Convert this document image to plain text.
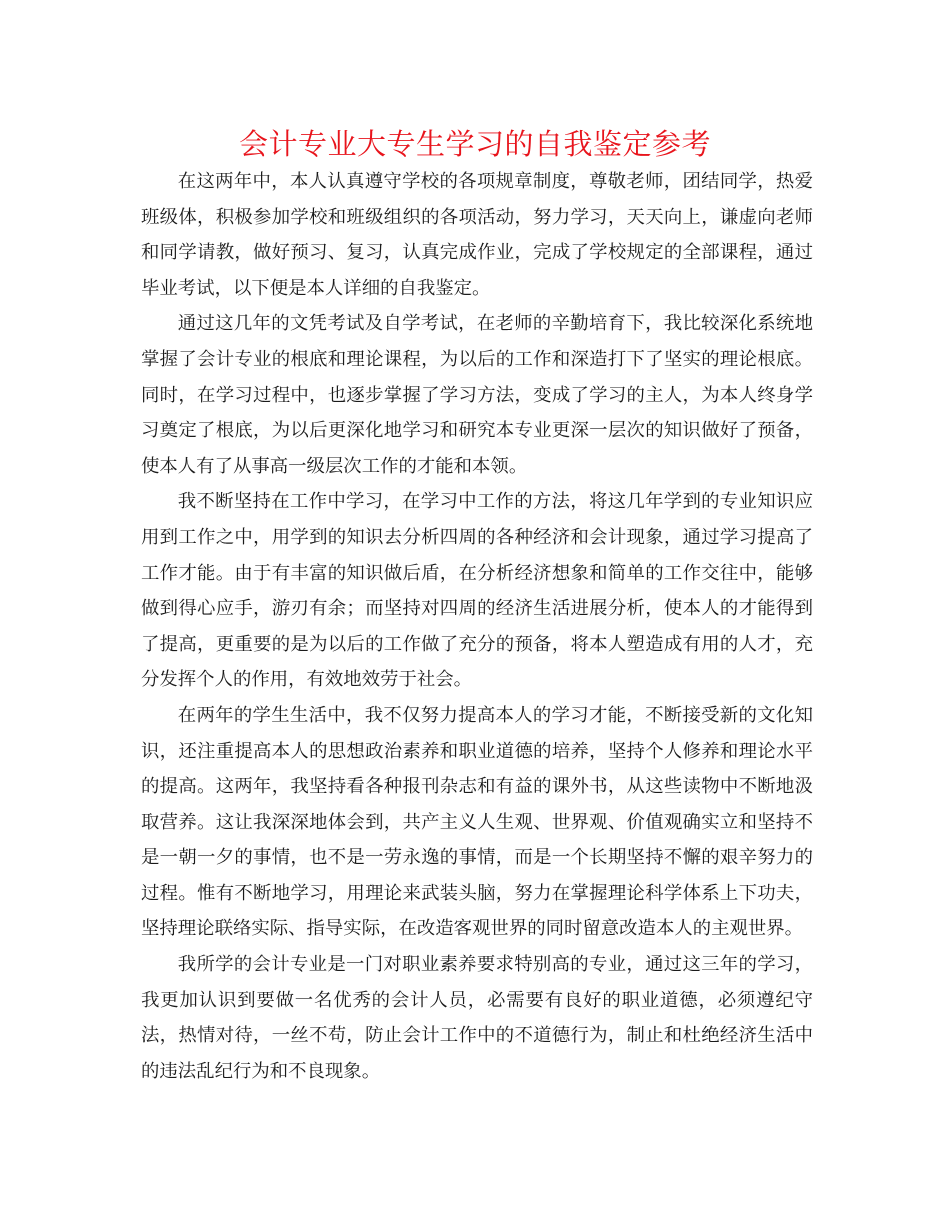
会计专业大专生学习的自我鉴定参考

在这两年中，本人认真遵守学校的各项规章制度，尊敬老师，团结同学，热爱班级体，积极参加学校和班级组织的各项活动，努力学习，天天向上，谦虚向老师和同学请教，做好预习、复习，认真完成作业，完成了学校规定的全部课程，通过毕业考试，以下便是本人详细的自我鉴定。

通过这几年的文凭考试及自学考试，在老师的辛勤培育下，我比较深化系统地掌握了会计专业的根底和理论课程，为以后的工作和深造打下了坚实的理论根底。同时，在学习过程中，也逐步掌握了学习方法，变成了学习的主人，为本人终身学习奠定了根底，为以后更深化地学习和研究本专业更深一层次的知识做好了预备，使本人有了从事高一级层次工作的才能和本领。

我不断坚持在工作中学习，在学习中工作的方法，将这几年学到的专业知识应用到工作之中，用学到的知识去分析四周的各种经济和会计现象，通过学习提高了工作才能。由于有丰富的知识做后盾，在分析经济想象和简单的工作交往中，能够做到得心应手，游刃有余；而坚持对四周的经济生活进展分析，使本人的才能得到了提高，更重要的是为以后的工作做了充分的预备，将本人塑造成有用的人才，充分发挥个人的作用，有效地效劳于社会。

在两年的学生生活中，我不仅努力提高本人的学习才能，不断接受新的文化知识，还注重提高本人的思想政治素养和职业道德的培养，坚持个人修养和理论水平的提高。这两年，我坚持看各种报刊杂志和有益的课外书，从这些读物中不断地汲取营养。这让我深深地体会到，共产主义人生观、世界观、价值观确实立和坚持不是一朝一夕的事情，也不是一劳永逸的事情，而是一个长期坚持不懈的艰辛努力的过程。惟有不断地学习，用理论来武装头脑，努力在掌握理论科学体系上下功夫，坚持理论联络实际、指导实际，在改造客观世界的同时留意改造本人的主观世界。

我所学的会计专业是一门对职业素养要求特别高的专业，通过这三年的学习，我更加认识到要做一名优秀的会计人员，必需要有良好的职业道德，必须遵纪守法，热情对待，一丝不苟，防止会计工作中的不道德行为，制止和杜绝经济生活中的违法乱纪行为和不良现象。
